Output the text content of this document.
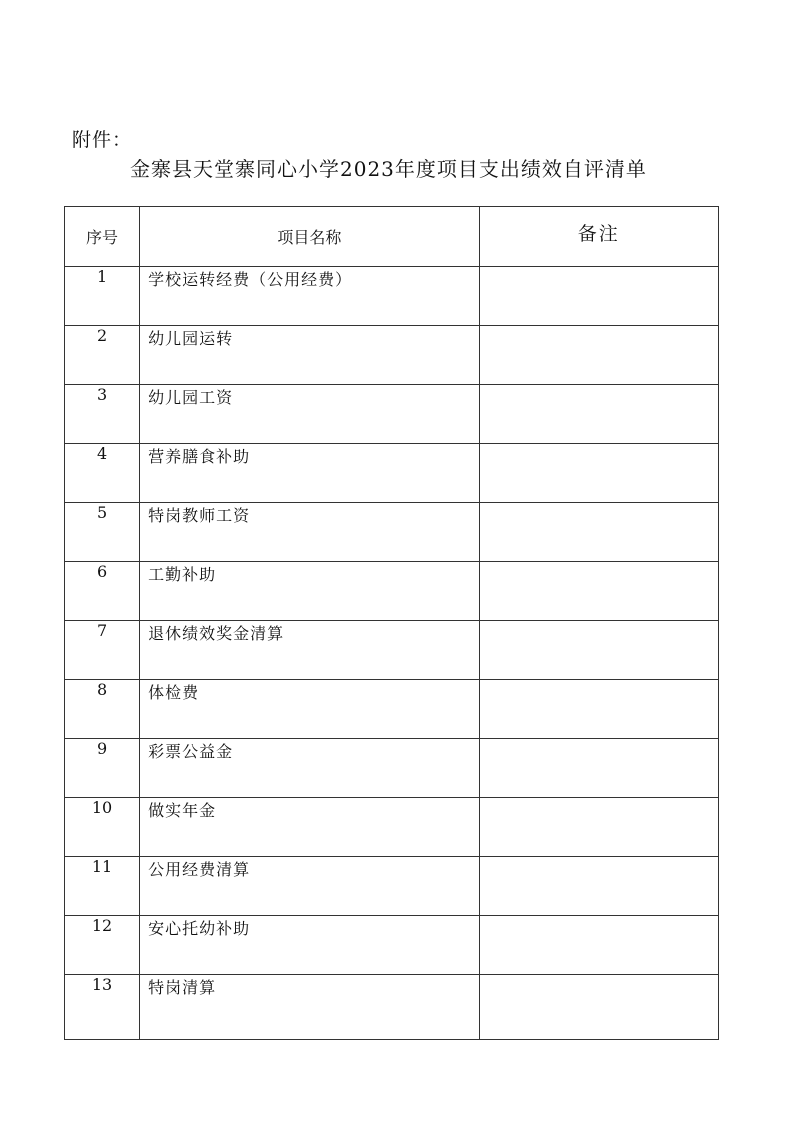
附件：
金寨县天堂寨同心小学2023年度项目支出绩效自评清单
序号	项目名称	备注
1	学校运转经费（公用经费）	
2	幼儿园运转	
3	幼儿园工资	
4	营养膳食补助	
5	特岗教师工资	
6	工勤补助	
7	退休绩效奖金清算	
8	体检费	
9	彩票公益金	
10	做实年金	
11	公用经费清算	
12	安心托幼补助	
13	特岗清算	
